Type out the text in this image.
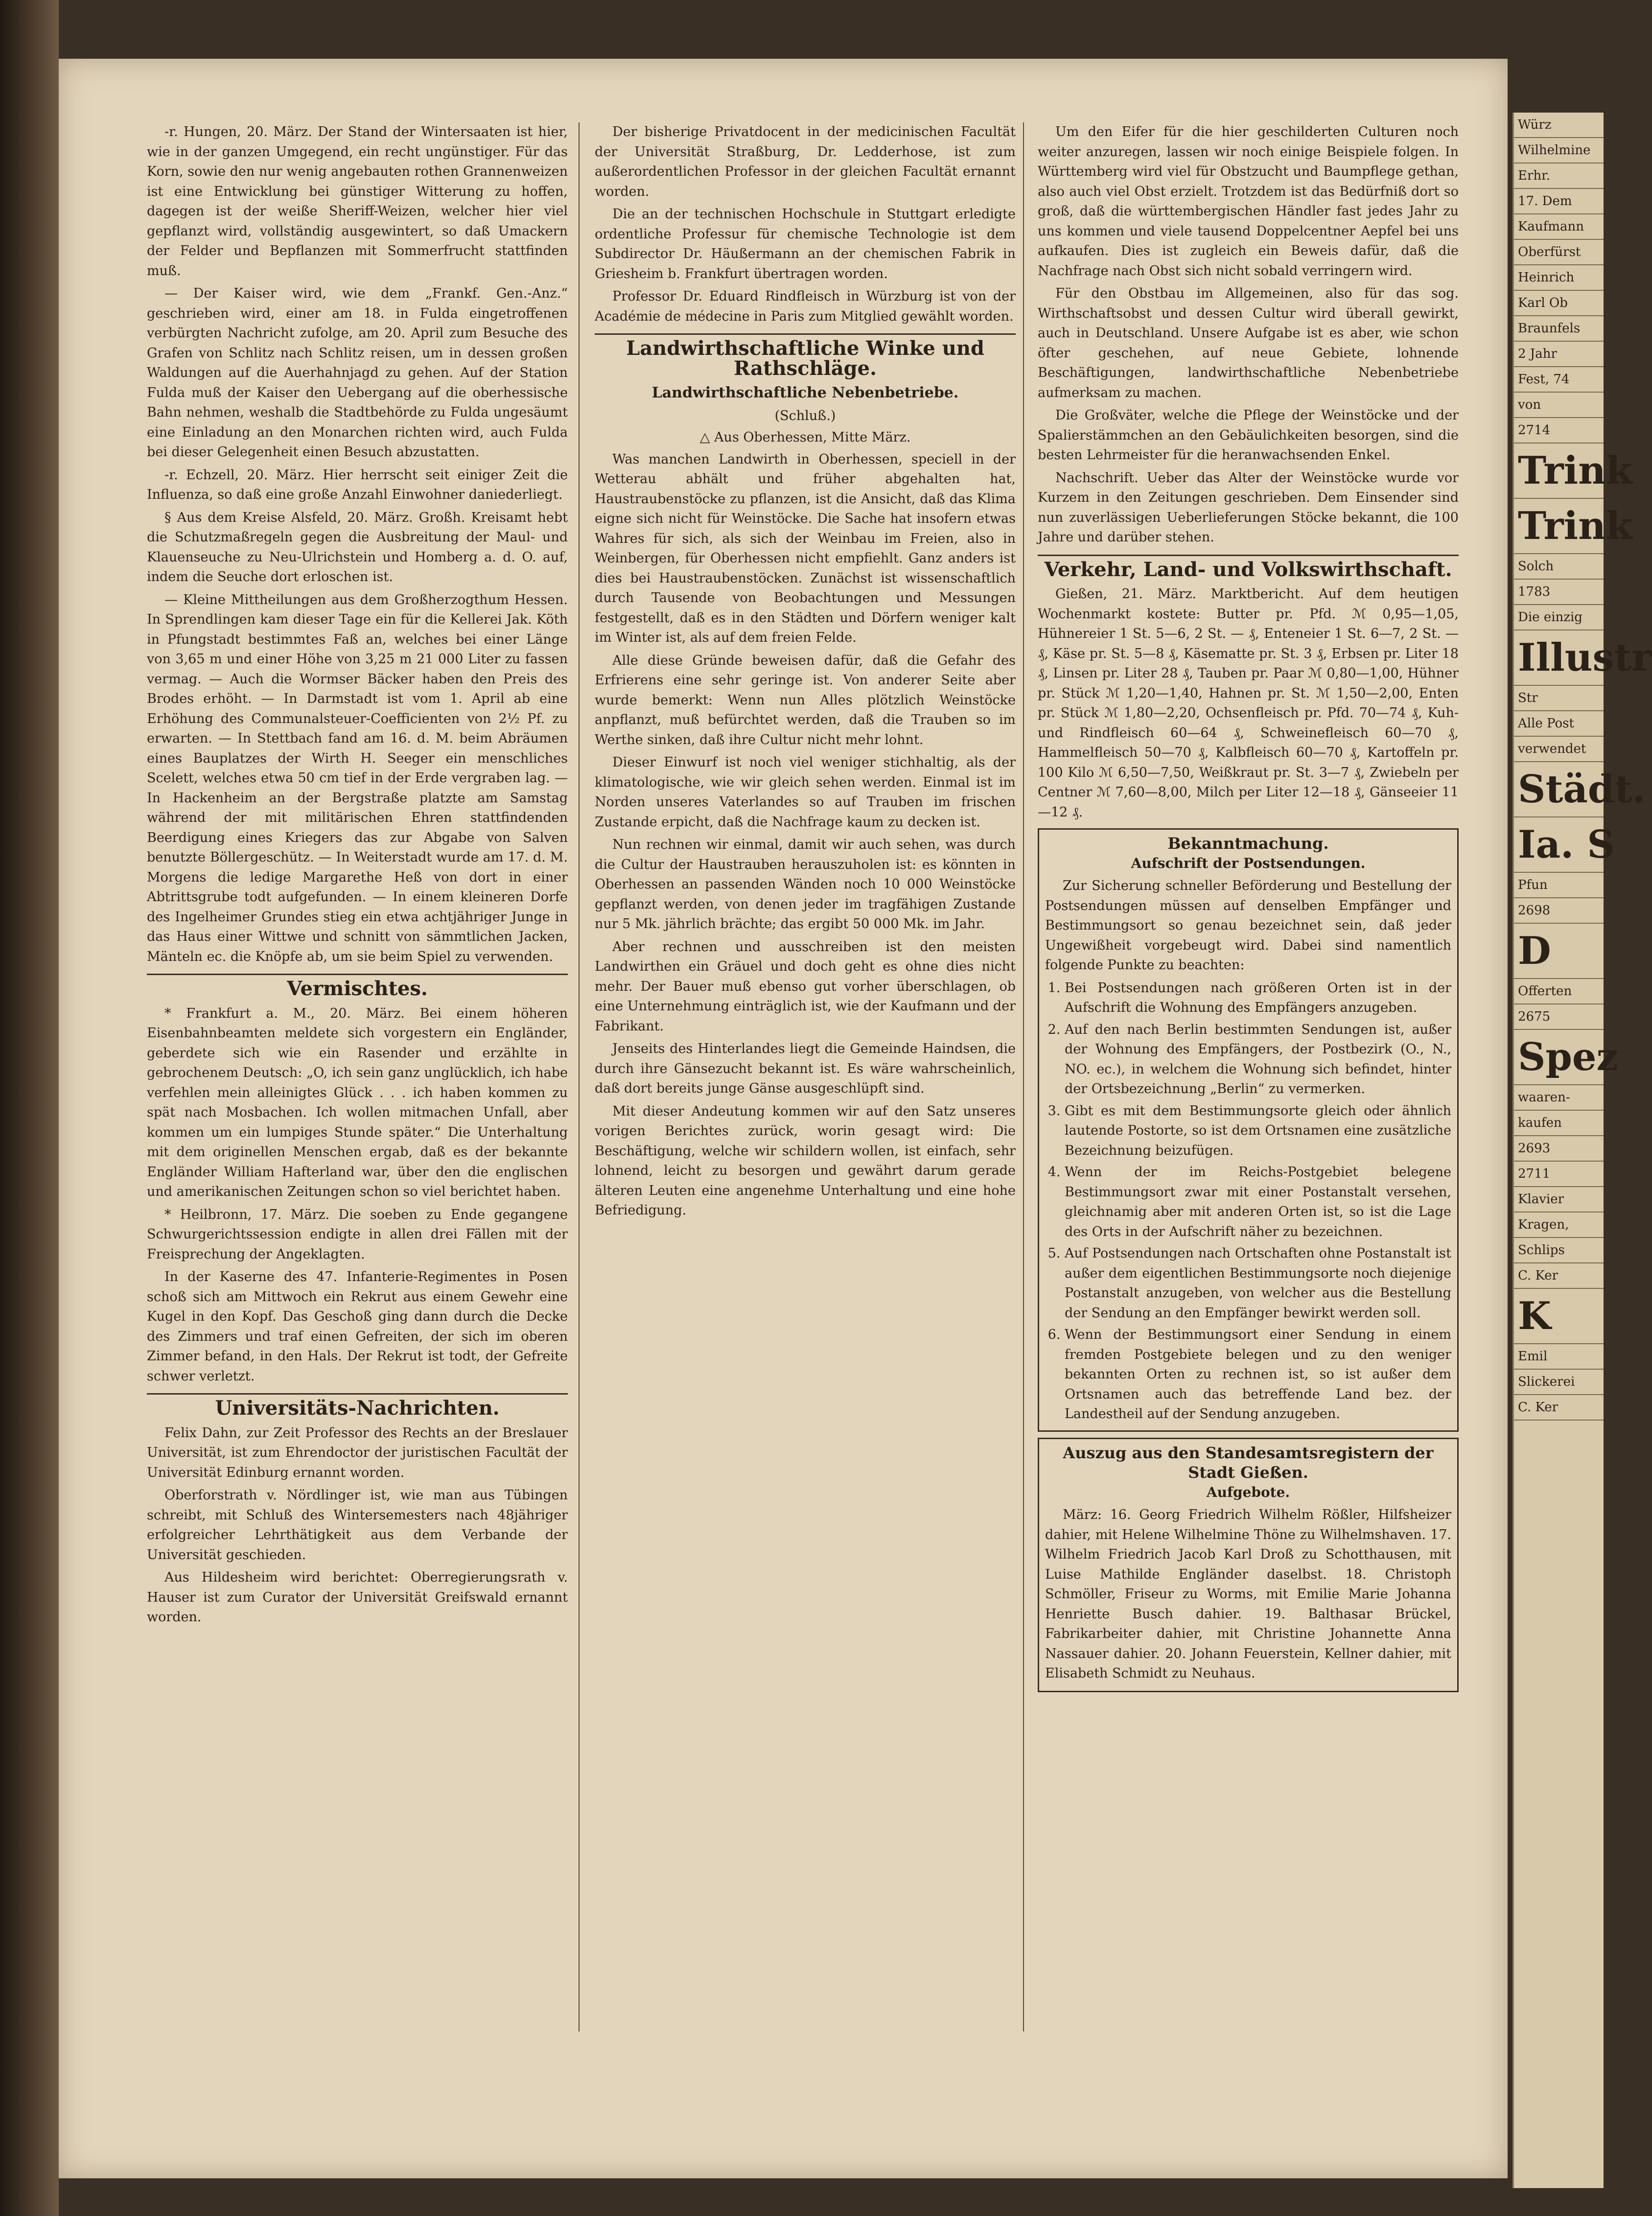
-r. Hungen, 20. März. Der Stand der Wintersaaten ist hier, wie in der ganzen Umgegend, ein recht ungünstiger. Für das Korn, sowie den nur wenig angebauten rothen Grannenweizen ist eine Entwicklung bei günstiger Witterung zu hoffen, dagegen ist der weiße Sheriff-Weizen, welcher hier viel gepflanzt wird, vollständig ausgewintert, so daß Umackern der Felder und Bepflanzen mit Sommerfrucht stattfinden muß.

— Der Kaiser wird, wie dem „Frankf. Gen.-Anz.“ geschrieben wird, einer am 18. in Fulda eingetroffenen verbürgten Nachricht zufolge, am 20. April zum Besuche des Grafen von Schlitz nach Schlitz reisen, um in dessen großen Waldungen auf die Auerhahnjagd zu gehen. Auf der Station Fulda muß der Kaiser den Uebergang auf die oberhessische Bahn nehmen, weshalb die Stadtbehörde zu Fulda ungesäumt eine Einladung an den Monarchen richten wird, auch Fulda bei dieser Gelegenheit einen Besuch abzustatten.

-r. Echzell, 20. März. Hier herrscht seit einiger Zeit die Influenza, so daß eine große Anzahl Einwohner daniederliegt.

§ Aus dem Kreise Alsfeld, 20. März. Großh. Kreisamt hebt die Schutzmaßregeln gegen die Ausbreitung der Maul- und Klauenseuche zu Neu-Ulrichstein und Homberg a. d. O. auf, indem die Seuche dort erloschen ist.

— Kleine Mittheilungen aus dem Großherzogthum Hessen. In Sprendlingen kam dieser Tage ein für die Kellerei Jak. Köth in Pfungstadt bestimmtes Faß an, welches bei einer Länge von 3,65 m und einer Höhe von 3,25 m 21 000 Liter zu fassen vermag. — Auch die Wormser Bäcker haben den Preis des Brodes erhöht. — In Darmstadt ist vom 1. April ab eine Erhöhung des Communalsteuer-Coefficienten von 2½ Pf. zu erwarten. — In Stettbach fand am 16. d. M. beim Abräumen eines Bauplatzes der Wirth H. Seeger ein menschliches Scelett, welches etwa 50 cm tief in der Erde vergraben lag. — In Hackenheim an der Bergstraße platzte am Samstag während der mit militärischen Ehren stattfindenden Beerdigung eines Kriegers das zur Abgabe von Salven benutzte Böllergeschütz. — In Weiterstadt wurde am 17. d. M. Morgens die ledige Margarethe Heß von dort in einer Abtrittsgrube todt aufgefunden. — In einem kleineren Dorfe des Ingelheimer Grundes stieg ein etwa achtjähriger Junge in das Haus einer Wittwe und schnitt von sämmtlichen Jacken, Mänteln ec. die Knöpfe ab, um sie beim Spiel zu verwenden.

Vermischtes.

* Frankfurt a. M., 20. März. Bei einem höheren Eisenbahnbeamten meldete sich vorgestern ein Engländer, geberdete sich wie ein Rasender und erzählte in gebrochenem Deutsch: „O, ich sein ganz unglücklich, ich habe verfehlen mein alleinigtes Glück . . . ich haben kommen zu spät nach Mosbachen. Ich wollen mitmachen Unfall, aber kommen um ein lumpiges Stunde später.“ Die Unterhaltung mit dem originellen Menschen ergab, daß es der bekannte Engländer William Hafterland war, über den die englischen und amerikanischen Zeitungen schon so viel berichtet haben.

* Heilbronn, 17. März. Die soeben zu Ende gegangene Schwurgerichtssession endigte in allen drei Fällen mit der Freisprechung der Angeklagten.

In der Kaserne des 47. Infanterie-Regimentes in Posen schoß sich am Mittwoch ein Rekrut aus einem Gewehr eine Kugel in den Kopf. Das Geschoß ging dann durch die Decke des Zimmers und traf einen Gefreiten, der sich im oberen Zimmer befand, in den Hals. Der Rekrut ist todt, der Gefreite schwer verletzt.

Universitäts-Nachrichten.

Felix Dahn, zur Zeit Professor des Rechts an der Breslauer Universität, ist zum Ehrendoctor der juristischen Facultät der Universität Edinburg ernannt worden.

Oberforstrath v. Nördlinger ist, wie man aus Tübingen schreibt, mit Schluß des Wintersemesters nach 48jähriger erfolgreicher Lehrthätigkeit aus dem Verbande der Universität geschieden.

Aus Hildesheim wird berichtet: Oberregierungsrath v. Hauser ist zum Curator der Universität Greifswald ernannt worden.

Der bisherige Privatdocent in der medicinischen Facultät der Universität Straßburg, Dr. Ledderhose, ist zum außerordentlichen Professor in der gleichen Facultät ernannt worden.

Die an der technischen Hochschule in Stuttgart erledigte ordentliche Professur für chemische Technologie ist dem Subdirector Dr. Häußermann an der chemischen Fabrik in Griesheim b. Frankfurt übertragen worden.

Professor Dr. Eduard Rindfleisch in Würzburg ist von der Académie de médecine in Paris zum Mitglied gewählt worden.

Landwirthschaftliche Winke und Rathschläge.
Landwirthschaftliche Nebenbetriebe.
(Schluß.)
△ Aus Oberhessen, Mitte März.

Was manchen Landwirth in Oberhessen, speciell in der Wetterau abhält und früher abgehalten hat, Haustraubenstöcke zu pflanzen, ist die Ansicht, daß das Klima eigne sich nicht für Weinstöcke. Die Sache hat insofern etwas Wahres für sich, als sich der Weinbau im Freien, also in Weinbergen, für Oberhessen nicht empfiehlt. Ganz anders ist dies bei Haustraubenstöcken. Zunächst ist wissenschaftlich durch Tausende von Beobachtungen und Messungen festgestellt, daß es in den Städten und Dörfern weniger kalt im Winter ist, als auf dem freien Felde.

Alle diese Gründe beweisen dafür, daß die Gefahr des Erfrierens eine sehr geringe ist. Von anderer Seite aber wurde bemerkt: Wenn nun Alles plötzlich Weinstöcke anpflanzt, muß befürchtet werden, daß die Trauben so im Werthe sinken, daß ihre Cultur nicht mehr lohnt.

Dieser Einwurf ist noch viel weniger stichhaltig, als der klimatologische, wie wir gleich sehen werden. Einmal ist im Norden unseres Vaterlandes so auf Trauben im frischen Zustande erpicht, daß die Nachfrage kaum zu decken ist.

Nun rechnen wir einmal, damit wir auch sehen, was durch die Cultur der Haustrauben herauszuholen ist: es könnten in Oberhessen an passenden Wänden noch 10 000 Weinstöcke gepflanzt werden, von denen jeder im tragfähigen Zustande nur 5 Mk. jährlich brächte; das ergibt 50 000 Mk. im Jahr.

Aber rechnen und ausschreiben ist den meisten Landwirthen ein Gräuel und doch geht es ohne dies nicht mehr. Der Bauer muß ebenso gut vorher überschlagen, ob eine Unternehmung einträglich ist, wie der Kaufmann und der Fabrikant.

Jenseits des Hinterlandes liegt die Gemeinde Haindsen, die durch ihre Gänsezucht bekannt ist. Es wäre wahrscheinlich, daß dort bereits junge Gänse ausgeschlüpft sind.

Mit dieser Andeutung kommen wir auf den Satz unseres vorigen Berichtes zurück, worin gesagt wird: Die Beschäftigung, welche wir schildern wollen, ist einfach, sehr lohnend, leicht zu besorgen und gewährt darum gerade älteren Leuten eine angenehme Unterhaltung und eine hohe Befriedigung.

Um den Eifer für die hier geschilderten Culturen noch weiter anzuregen, lassen wir noch einige Beispiele folgen. In Württemberg wird viel für Obstzucht und Baumpflege gethan, also auch viel Obst erzielt. Trotzdem ist das Bedürfniß dort so groß, daß die württembergischen Händler fast jedes Jahr zu uns kommen und viele tausend Doppelcentner Aepfel bei uns aufkaufen. Dies ist zugleich ein Beweis dafür, daß die Nachfrage nach Obst sich nicht sobald verringern wird.

Für den Obstbau im Allgemeinen, also für das sog. Wirthschaftsobst und dessen Cultur wird überall gewirkt, auch in Deutschland. Unsere Aufgabe ist es aber, wie schon öfter geschehen, auf neue Gebiete, lohnende Beschäftigungen, landwirthschaftliche Nebenbetriebe aufmerksam zu machen.

Die Großväter, welche die Pflege der Weinstöcke und der Spalierstämmchen an den Gebäulichkeiten besorgen, sind die besten Lehrmeister für die heranwachsenden Enkel.

Nachschrift. Ueber das Alter der Weinstöcke wurde vor Kurzem in den Zeitungen geschrieben. Dem Einsender sind nun zuverlässigen Ueberlieferungen Stöcke bekannt, die 100 Jahre und darüber stehen.

Verkehr, Land- und Volkswirthschaft.

Gießen, 21. März. Marktbericht. Auf dem heutigen Wochenmarkt kostete: Butter pr. Pfd. ℳ 0,95—1,05, Hühnereier 1 St. 5—6, 2 St. — ₰, Enteneier 1 St. 6—7, 2 St. — ₰, Käse pr. St. 5—8 ₰, Käsematte pr. St. 3 ₰, Erbsen pr. Liter 18 ₰, Linsen pr. Liter 28 ₰, Tauben pr. Paar ℳ 0,80—1,00, Hühner pr. Stück ℳ 1,20—1,40, Hahnen pr. St. ℳ 1,50—2,00, Enten pr. Stück ℳ 1,80—2,20, Ochsenfleisch pr. Pfd. 70—74 ₰, Kuh- und Rindfleisch 60—64 ₰, Schweinefleisch 60—70 ₰, Hammelfleisch 50—70 ₰, Kalbfleisch 60—70 ₰, Kartoffeln pr. 100 Kilo ℳ 6,50—7,50, Weißkraut pr. St. 3—7 ₰, Zwiebeln per Centner ℳ 7,60—8,00, Milch per Liter 12—18 ₰, Gänseeier 11—12 ₰.

Bekanntmachung.
Aufschrift der Postsendungen.

Zur Sicherung schneller Beförderung und Bestellung der Postsendungen müssen auf denselben Empfänger und Bestimmungsort so genau bezeichnet sein, daß jeder Ungewißheit vorgebeugt wird. Dabei sind namentlich folgende Punkte zu beachten:

1. Bei Postsendungen nach größeren Orten ist in der Aufschrift die Wohnung des Empfängers anzugeben.
2. Auf den nach Berlin bestimmten Sendungen ist, außer der Wohnung des Empfängers, der Postbezirk (O., N., NO. ec.), in welchem die Wohnung sich befindet, hinter der Ortsbezeichnung „Berlin“ zu vermerken.
3. Gibt es mit dem Bestimmungsorte gleich oder ähnlich lautende Postorte, so ist dem Ortsnamen eine zusätzliche Bezeichnung beizufügen.
4. Wenn der im Reichs-Postgebiet belegene Bestimmungsort zwar mit einer Postanstalt versehen, gleichnamig aber mit anderen Orten ist, so ist die Lage des Orts in der Aufschrift näher zu bezeichnen.
5. Auf Postsendungen nach Ortschaften ohne Postanstalt ist außer dem eigentlichen Bestimmungsorte noch diejenige Postanstalt anzugeben, von welcher aus die Bestellung der Sendung an den Empfänger bewirkt werden soll.
6. Wenn der Bestimmungsort einer Sendung in einem fremden Postgebiete belegen und zu den weniger bekannten Orten zu rechnen ist, so ist außer dem Ortsnamen auch das betreffende Land bez. der Landestheil auf der Sendung anzugeben.
Auszug aus den Standesamtsregistern der Stadt Gießen.
Aufgebote.

März: 16. Georg Friedrich Wilhelm Rößler, Hilfsheizer dahier, mit Helene Wilhelmine Thöne zu Wilhelmshaven. 17. Wilhelm Friedrich Jacob Karl Droß zu Schotthausen, mit Luise Mathilde Engländer daselbst. 18. Christoph Schmöller, Friseur zu Worms, mit Emilie Marie Johanna Henriette Busch dahier. 19. Balthasar Brückel, Fabrikarbeiter dahier, mit Christine Johannette Anna Nassauer dahier. 20. Johann Feuerstein, Kellner dahier, mit Elisabeth Schmidt zu Neuhaus.

Würz
Wilhelmine
Erhr.
17. Dem
Kaufmann
Oberfürst
Heinrich
Karl Ob
Braunfels
2 Jahr
Fest, 74
von
2714
Trink
Trink
Solch
1783
Die einzig
Illustr
Str
Alle Post
verwendet
Städt.
Ia. S
Pfun
2698
D
Offerten
2675
Spez
waaren-
kaufen
2693
2711
Klavier
Kragen,
Schlips
C. Ker
K
Emil
Slickerei
C. Ker
